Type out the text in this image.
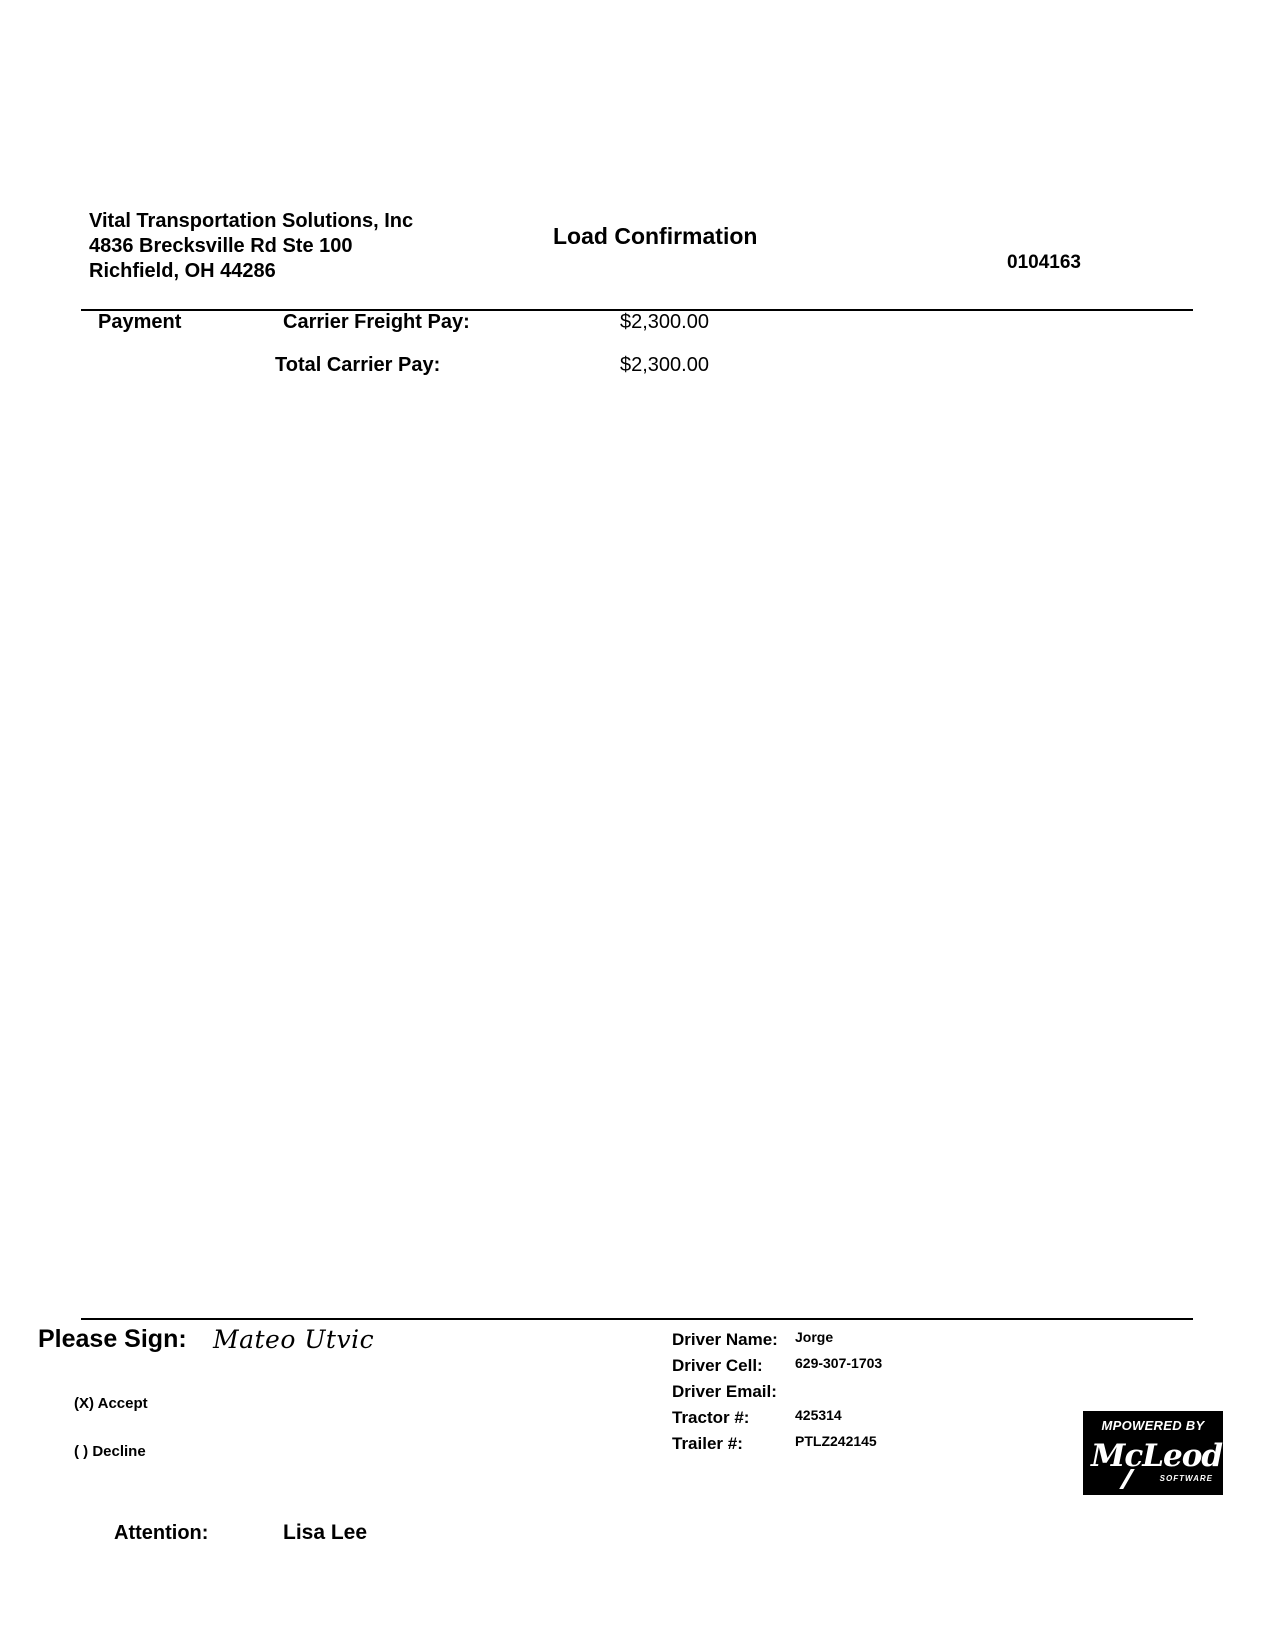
Vital Transportation Solutions, Inc
4836 Brecksville Rd Ste 100
Richfield, OH 44286
Load Confirmation
0104163
Payment	Carrier Freight Pay:	$2,300.00
Total Carrier Pay:	$2,300.00
Please Sign: Mateo Utvic
(X) Accept
( ) Decline
Attention:	Lisa Lee
Driver Name: Jorge
Driver Cell: 629-307-1703
Driver Email:
Tractor #:	425314
Trailer #:	PTLZ242145
MPOWERED BY
McLeod
SOFTWARE
